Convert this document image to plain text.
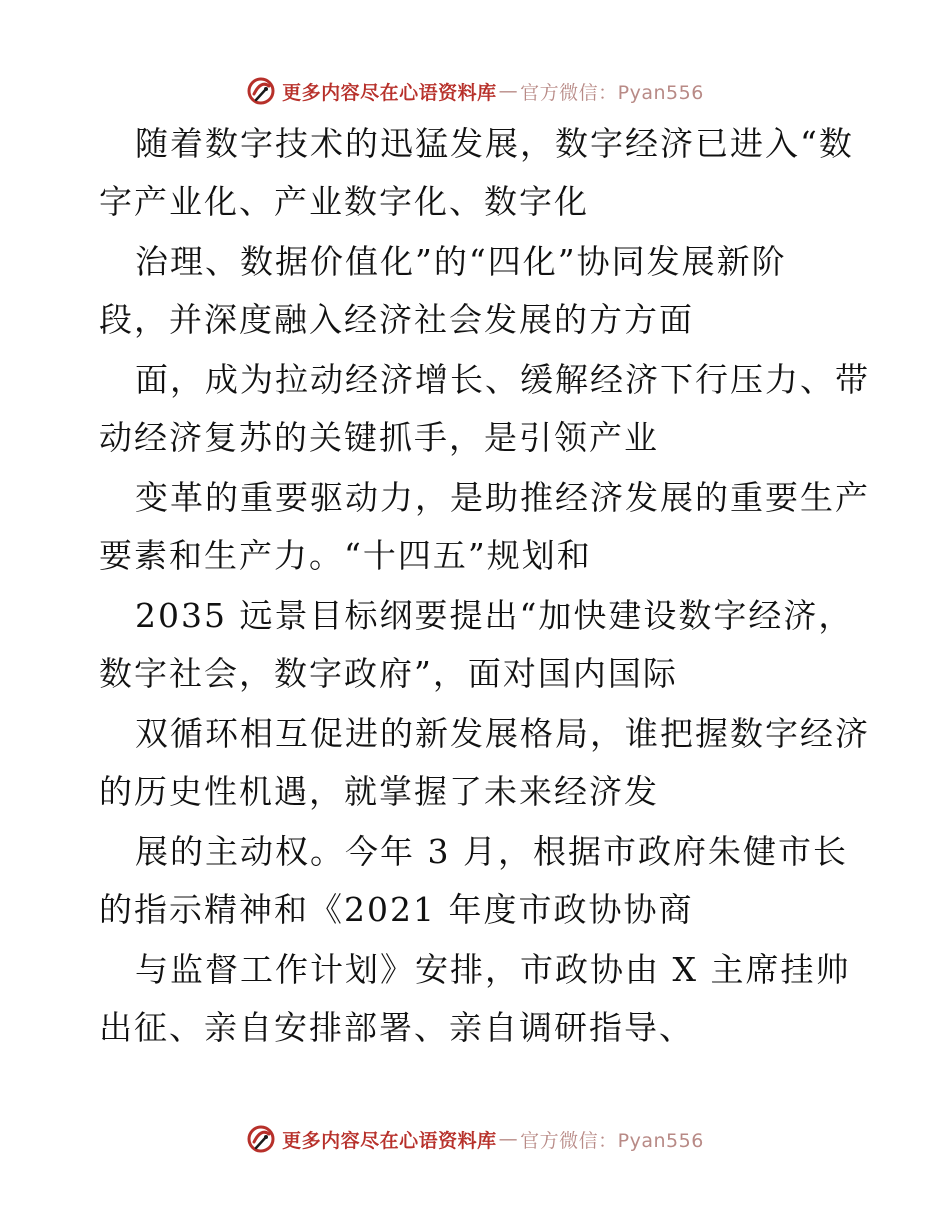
更多内容尽在心语资料库 — 官方微信：Pyan556
随着数字技术的迅猛发展，数字经济已进入“数
字产业化、产业数字化、数字化
治理、数据价值化”的“四化”协同发展新阶
段，并深度融入经济社会发展的方方面
面，成为拉动经济增长、缓解经济下行压力、带
动经济复苏的关键抓手，是引领产业
变革的重要驱动力，是助推经济发展的重要生产
要素和生产力。“十四五”规划和
2035 远景目标纲要提出“加快建设数字经济，
数字社会，数字政府”，面对国内国际
双循环相互促进的新发展格局，谁把握数字经济
的历史性机遇，就掌握了未来经济发
展的主动权。今年 3 月，根据市政府朱健市长
的指示精神和《2021 年度市政协协商
与监督工作计划》安排，市政协由 X 主席挂帅
出征、亲自安排部署、亲自调研指导、
更多内容尽在心语资料库 — 官方微信：Pyan556
